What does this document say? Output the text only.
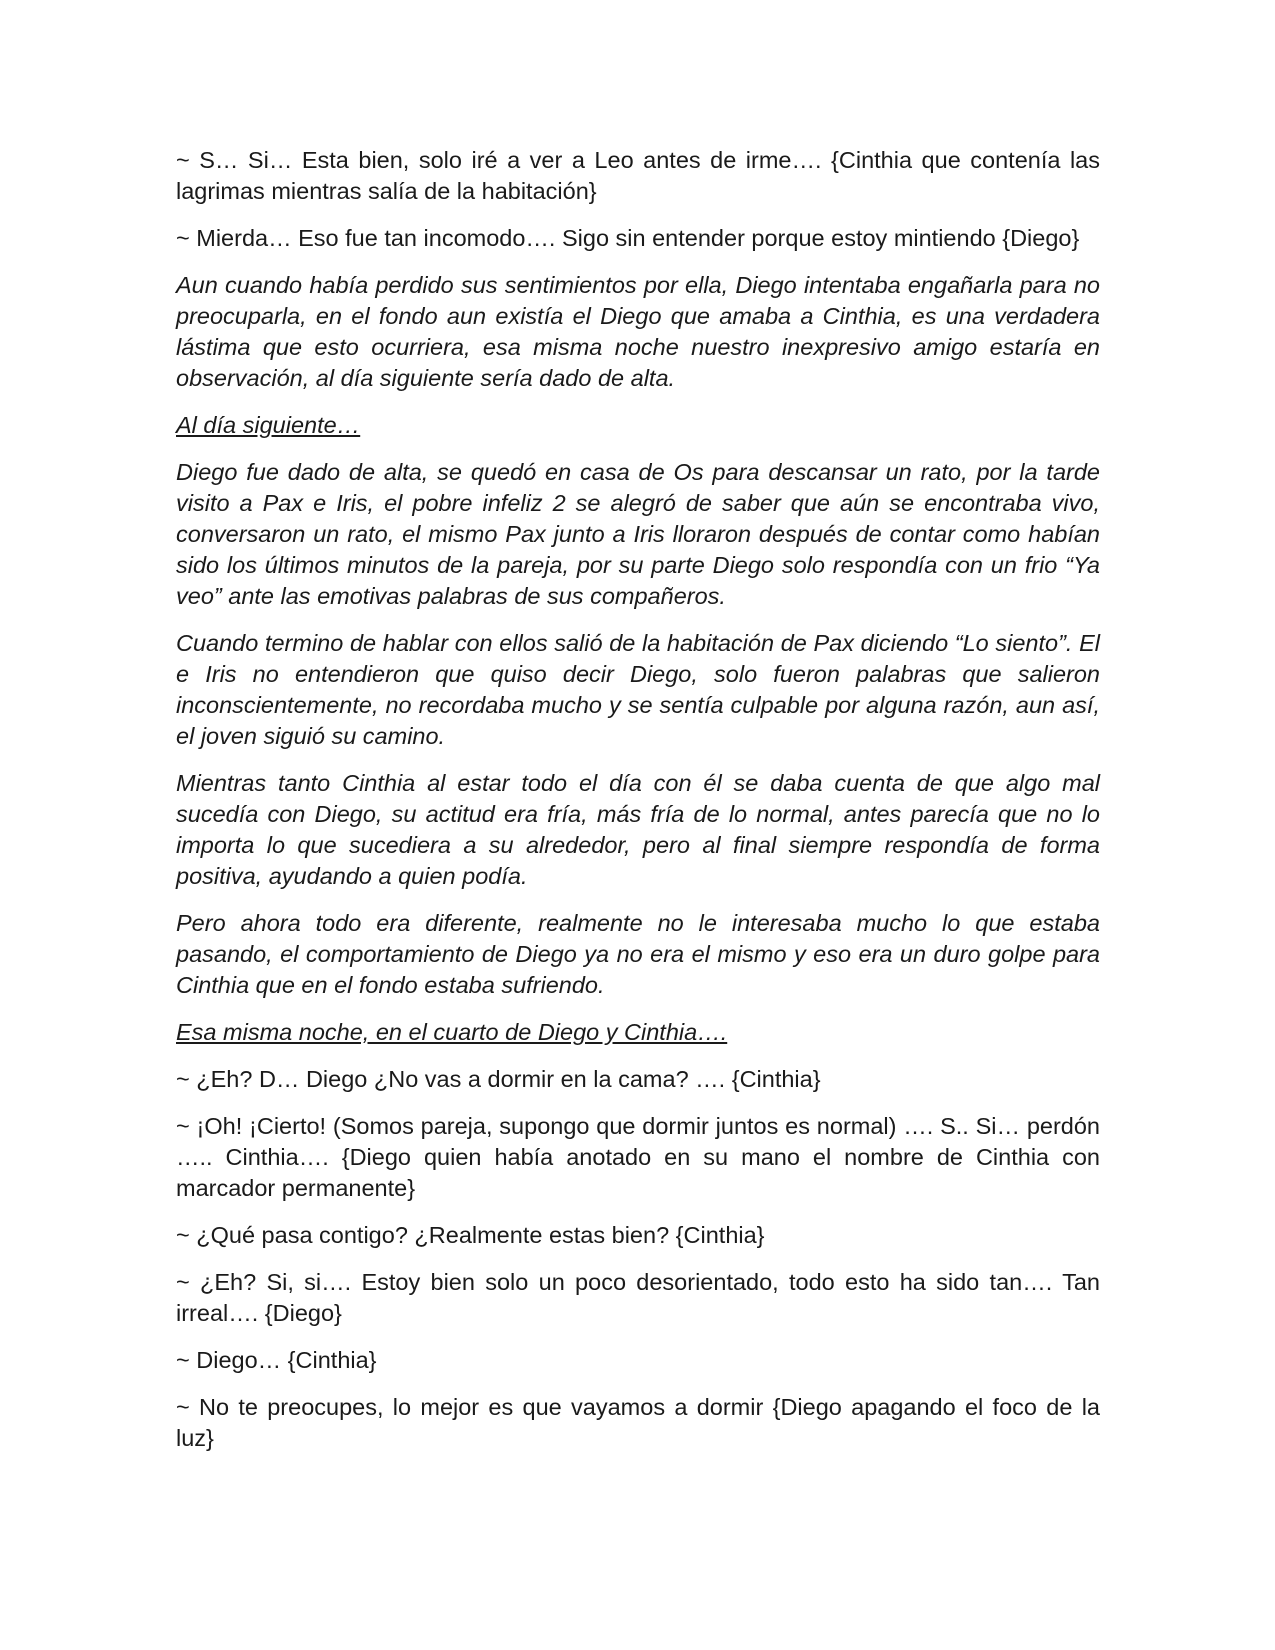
~ S… Si… Esta bien, solo iré a ver a Leo antes de irme…. {Cinthia que contenía las lagrimas mientras salía de la habitación}

~ Mierda… Eso fue tan incomodo…. Sigo sin entender porque estoy mintiendo {Diego}

Aun cuando había perdido sus sentimientos por ella, Diego intentaba engañarla para no preocuparla, en el fondo aun existía el Diego que amaba a Cinthia, es una verdadera lástima que esto ocurriera, esa misma noche nuestro inexpresivo amigo estaría en observación, al día siguiente sería dado de alta.

Al día siguiente…

Diego fue dado de alta, se quedó en casa de Os para descansar un rato, por la tarde visito a Pax e Iris, el pobre infeliz 2 se alegró de saber que aún se encontraba vivo, conversaron un rato, el mismo Pax junto a Iris lloraron después de contar como habían sido los últimos minutos de la pareja, por su parte Diego solo respondía con un frio “Ya veo” ante las emotivas palabras de sus compañeros.

Cuando termino de hablar con ellos salió de la habitación de Pax diciendo “Lo siento”. El e Iris no entendieron que quiso decir Diego, solo fueron palabras que salieron inconscientemente, no recordaba mucho y se sentía culpable por alguna razón, aun así, el joven siguió su camino.

Mientras tanto Cinthia al estar todo el día con él se daba cuenta de que algo mal sucedía con Diego, su actitud era fría, más fría de lo normal, antes parecía que no lo importa lo que sucediera a su alrededor, pero al final siempre respondía de forma positiva, ayudando a quien podía.

Pero ahora todo era diferente, realmente no le interesaba mucho lo que estaba pasando, el comportamiento de Diego ya no era el mismo y eso era un duro golpe para Cinthia que en el fondo estaba sufriendo.

Esa misma noche, en el cuarto de Diego y Cinthia….

~ ¿Eh? D… Diego ¿No vas a dormir en la cama? …. {Cinthia}

~ ¡Oh! ¡Cierto! (Somos pareja, supongo que dormir juntos es normal) …. S.. Si… perdón ….. Cinthia…. {Diego quien había anotado en su mano el nombre de Cinthia con marcador permanente}

~ ¿Qué pasa contigo? ¿Realmente estas bien? {Cinthia}

~ ¿Eh? Si, si…. Estoy bien solo un poco desorientado, todo esto ha sido tan…. Tan irreal…. {Diego}

~ Diego… {Cinthia}

~ No te preocupes, lo mejor es que vayamos a dormir {Diego apagando el foco de la luz}
